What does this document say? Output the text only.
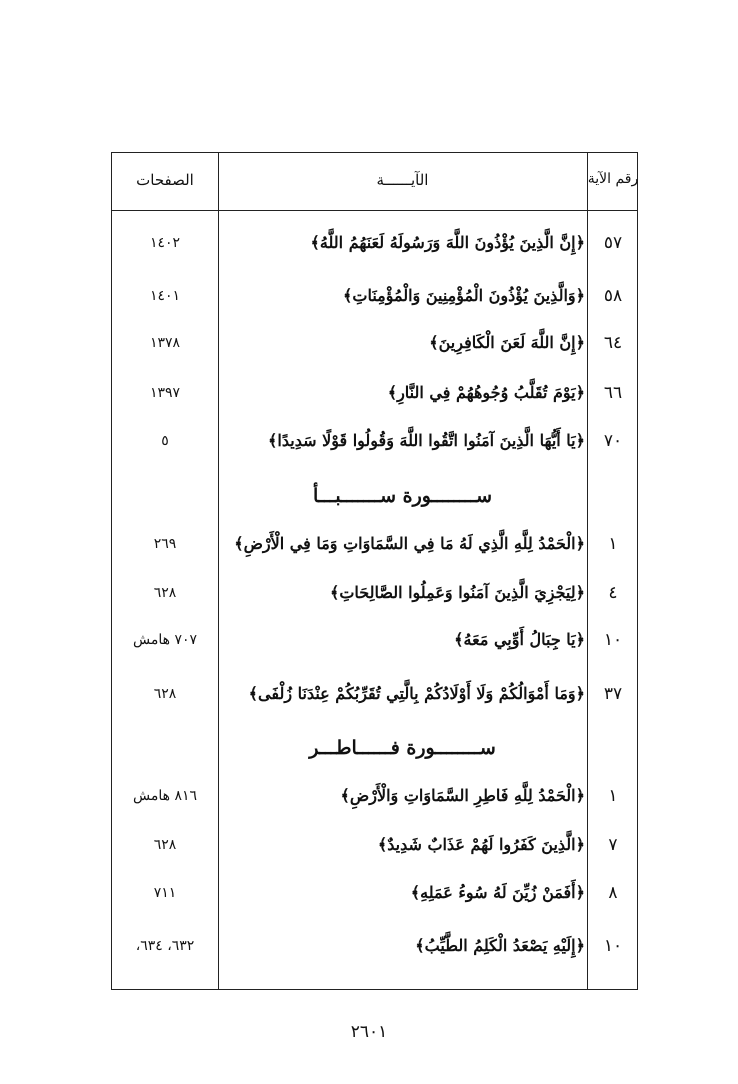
الصفحات	الآيــــــة	رقم الآية
٥٧
﴿إِنَّ الَّذِينَ يُؤْذُونَ اللَّهَ وَرَسُولَهُ لَعَنَهُمُ اللَّهُ﴾
١٤٠٢
٥٨
﴿وَالَّذِينَ يُؤْذُونَ الْمُؤْمِنِينَ وَالْمُؤْمِنَاتِ﴾
١٤٠١
٦٤
﴿إِنَّ اللَّهَ لَعَنَ الْكَافِرِينَ﴾
١٣٧٨
٦٦
﴿يَوْمَ تُقَلَّبُ وُجُوهُهُمْ فِي النَّارِ﴾
١٣٩٧
٧٠
﴿يَا أَيُّهَا الَّذِينَ آمَنُوا اتَّقُوا اللَّهَ وَقُولُوا قَوْلًا سَدِيدًا﴾
٥
ســــــــورة ســـــــبـــأ
١
﴿الْحَمْدُ لِلَّهِ الَّذِي لَهُ مَا فِي السَّمَاوَاتِ وَمَا فِي الْأَرْضِ﴾
٢٦٩
٤
﴿لِيَجْزِيَ الَّذِينَ آمَنُوا وَعَمِلُوا الصَّالِحَاتِ﴾
٦٢٨
١٠
﴿يَا جِبَالُ أَوِّبِي مَعَهُ﴾
٧٠٧ هامش
٣٧
﴿وَمَا أَمْوَالُكُمْ وَلَا أَوْلَادُكُمْ بِالَّتِي تُقَرِّبُكُمْ عِنْدَنَا زُلْفَى﴾
٦٢٨
ســــــــورة فــــــاطـــر
١
﴿الْحَمْدُ لِلَّهِ فَاطِرِ السَّمَاوَاتِ وَالْأَرْضِ﴾
٨١٦ هامش
٧
﴿الَّذِينَ كَفَرُوا لَهُمْ عَذَابٌ شَدِيدٌ﴾
٦٢٨
٨
﴿أَفَمَنْ زُيِّنَ لَهُ سُوءُ عَمَلِهِ﴾
٧١١
١٠
﴿إِلَيْهِ يَصْعَدُ الْكَلِمُ الطَّيِّبُ﴾
٦٣٢، ٦٣٤،
٢٦٠١
